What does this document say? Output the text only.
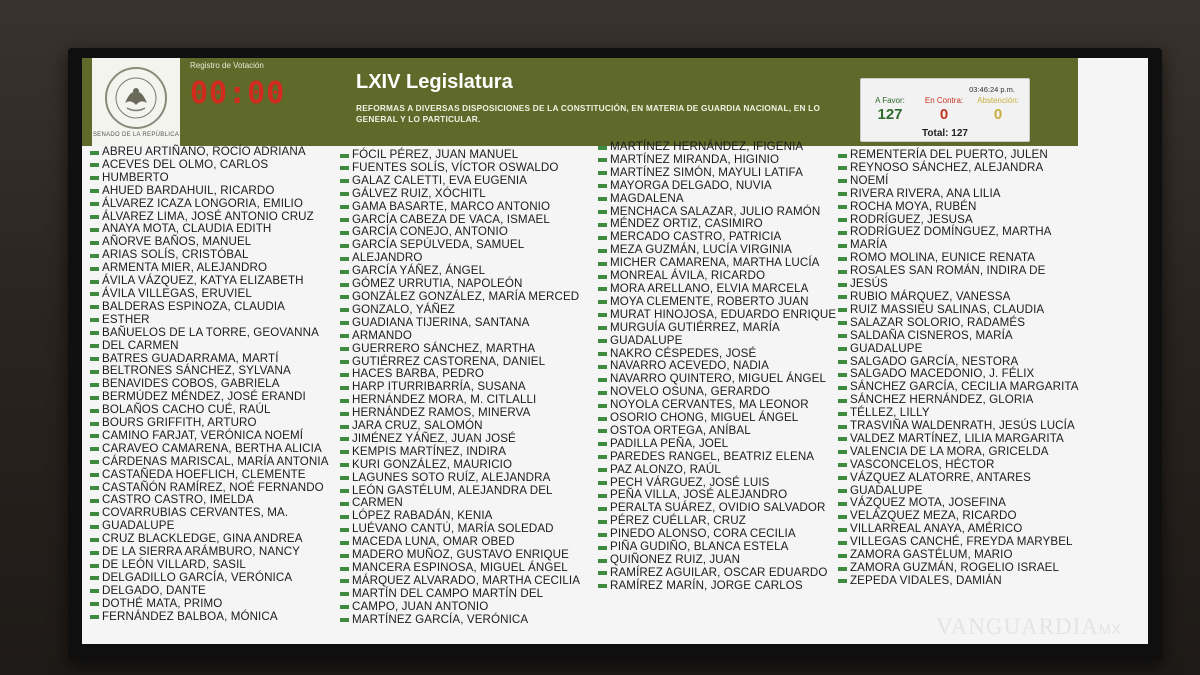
SENADO DE LA REPÚBLICA
Registro de Votación
00:00	LXIV Legislatura
REFORMAS A DIVERSAS DISPOSICIONES DE LA CONSTITUCIÓN, EN MATERIA DE GUARDIA NACIONAL, EN LO GENERAL Y LO PARTICULAR.
03:46:24 p.m.
A Favor:
127
En Contra:
0
Abstención:
0
Total: 127
ABREU ARTIÑANO, ROCÍO ADRIANA
ACEVES DEL OLMO, CARLOS
HUMBERTO
AHUED BARDAHUIL, RICARDO
ÁLVAREZ ICAZA LONGORIA, EMILIO
ÁLVAREZ LIMA, JOSÉ ANTONIO CRUZ
ANAYA MOTA, CLAUDIA EDITH
AÑORVE BAÑOS, MANUEL
ARIAS SOLÍS, CRISTÓBAL
ARMENTA MIER, ALEJANDRO
ÁVILA VÁZQUEZ, KATYA ELIZABETH
ÁVILA VILLEGAS, ERUVIEL
BALDERAS ESPINOZA, CLAUDIA
ESTHER
BAÑUELOS DE LA TORRE, GEOVANNA
DEL CARMEN
BATRES GUADARRAMA, MARTÍ
BELTRONES SÁNCHEZ, SYLVANA
BENAVIDES COBOS, GABRIELA
BERMÚDEZ MÉNDEZ, JOSÉ ERANDI
BOLAÑOS CACHO CUÉ, RAÚL
BOURS GRIFFITH, ARTURO
CAMINO FARJAT, VERÓNICA NOEMÍ
CARAVEO CAMARENA, BERTHA ALICIA
CÁRDENAS MARISCAL, MARÍA ANTONIA
CASTAÑEDA HOEFLICH, CLEMENTE
CASTAÑÓN RAMÍREZ, NOÉ FERNANDO
CASTRO CASTRO, IMELDA
COVARRUBIAS CERVANTES, MA.
GUADALUPE
CRUZ BLACKLEDGE, GINA ANDREA
DE LA SIERRA ARÁMBURO, NANCY
DE LEÓN VILLARD, SASIL
DELGADILLO GARCÍA, VERÓNICA
DELGADO, DANTE
DOTHÉ MATA, PRIMO
FERNÁNDEZ BALBOA, MÓNICA
FÓCIL PÉREZ, JUAN MANUEL
FUENTES SOLÍS, VÍCTOR OSWALDO
GALAZ CALETTI, EVA EUGENIA
GÁLVEZ RUIZ, XÓCHITL
GAMA BASARTE, MARCO ANTONIO
GARCÍA CABEZA DE VACA, ISMAEL
GARCÍA CONEJO, ANTONIO
GARCÍA SEPÚLVEDA, SAMUEL
ALEJANDRO
GARCÍA YÁÑEZ, ÁNGEL
GÓMEZ URRUTIA, NAPOLEÓN
GONZÁLEZ GONZÁLEZ, MARÍA MERCED
GONZALO, YÁÑEZ
GUADIANA TIJERINA, SANTANA
ARMANDO
GUERRERO SÁNCHEZ, MARTHA
GUTIÉRREZ CASTORENA, DANIEL
HACES BARBA, PEDRO
HARP ITURRIBARRÍA, SUSANA
HERNÁNDEZ MORA, M. CITLALLI
HERNÁNDEZ RAMOS, MINERVA
JARA CRUZ, SALOMÓN
JIMÉNEZ YÁÑEZ, JUAN JOSÉ
KEMPIS MARTÍNEZ, INDIRA
KURI GONZÁLEZ, MAURICIO
LAGUNES SOTO RUÍZ, ALEJANDRA
LEÓN GASTÉLUM, ALEJANDRA DEL
CARMEN
LÓPEZ RABADÁN, KENIA
LUÉVANO CANTÚ, MARÍA SOLEDAD
MACEDA LUNA, OMAR OBED
MADERO MUÑOZ, GUSTAVO ENRIQUE
MANCERA ESPINOSA, MIGUEL ÁNGEL
MÁRQUEZ ALVARADO, MARTHA CECILIA
MARTÍN DEL CAMPO MARTÍN DEL
CAMPO, JUAN ANTONIO
MARTÍNEZ GARCÍA, VERÓNICA
MARTÍNEZ HERNÁNDEZ, IFIGENIA
MARTÍNEZ MIRANDA, HIGINIO
MARTÍNEZ SIMÓN, MAYULI LATIFA
MAYORGA DELGADO, NUVIA
MAGDALENA
MENCHACA SALAZAR, JULIO RAMÓN
MÉNDEZ ORTIZ, CASIMIRO
MERCADO CASTRO, PATRICIA
MEZA GUZMÁN, LUCÍA VIRGINIA
MICHER CAMARENA, MARTHA LUCÍA
MONREAL ÁVILA, RICARDO
MORA ARELLANO, ELVIA MARCELA
MOYA CLEMENTE, ROBERTO JUAN
MURAT HINOJOSA, EDUARDO ENRIQUE
MURGUÍA GUTIÉRREZ, MARÍA
GUADALUPE
NAKRO CÉSPEDES, JOSÉ
NAVARRO ACEVEDO, NADIA
NAVARRO QUINTERO, MIGUEL ÁNGEL
NOVELO OSUNA, GERARDO
NOYOLA CERVANTES, MA LEONOR
OSORIO CHONG, MIGUEL ÁNGEL
OSTOA ORTEGA, ANÍBAL
PADILLA PEÑA, JOEL
PAREDES RANGEL, BEATRIZ ELENA
PAZ ALONZO, RAÚL
PECH VÁRGUEZ, JOSÉ LUIS
PEÑA VILLA, JOSÉ ALEJANDRO
PERALTA SUÁREZ, OVIDIO SALVADOR
PÉREZ CUÉLLAR, CRUZ
PINEDO ALONSO, CORA CECILIA
PIÑA GUDIÑO, BLANCA ESTELA
QUIÑONEZ RUIZ, JUAN
RAMÍREZ AGUILAR, OSCAR EDUARDO
RAMÍREZ MARÍN, JORGE CARLOS
REMENTERÍA DEL PUERTO, JULEN
REYNOSO SÁNCHEZ, ALEJANDRA
NOEMÍ
RIVERA RIVERA, ANA LILIA
ROCHA MOYA, RUBÉN
RODRÍGUEZ, JESUSA
RODRÍGUEZ DOMÍNGUEZ, MARTHA
MARÍA
ROMO MOLINA, EUNICE RENATA
ROSALES SAN ROMÁN, INDIRA DE
JESÚS
RUBIO MÁRQUEZ, VANESSA
RUIZ MASSIEU SALINAS, CLAUDIA
SALAZAR SOLORIO, RADAMÉS
SALDAÑA CISNEROS, MARÍA
GUADALUPE
SALGADO GARCÍA, NESTORA
SALGADO MACEDONIO, J. FÉLIX
SÁNCHEZ GARCÍA, CECILIA MARGARITA
SÁNCHEZ HERNÁNDEZ, GLORIA
TÉLLEZ, LILLY
TRASVIÑA WALDENRATH, JESÚS LUCÍA
VALDEZ MARTÍNEZ, LILIA MARGARITA
VALENCIA DE LA MORA, GRICELDA
VASCONCELOS, HÉCTOR
VÁZQUEZ ALATORRE, ANTARES
GUADALUPE
VÁZQUEZ MOTA, JOSEFINA
VELÁZQUEZ MEZA, RICARDO
VILLARREAL ANAYA, AMÉRICO
VILLEGAS CANCHÉ, FREYDA MARYBEL
ZAMORA GASTÉLUM, MARIO
ZAMORA GUZMÁN, ROGELIO ISRAEL
ZEPEDA VIDALES, DAMIÁN
VANGUARDIAMX
